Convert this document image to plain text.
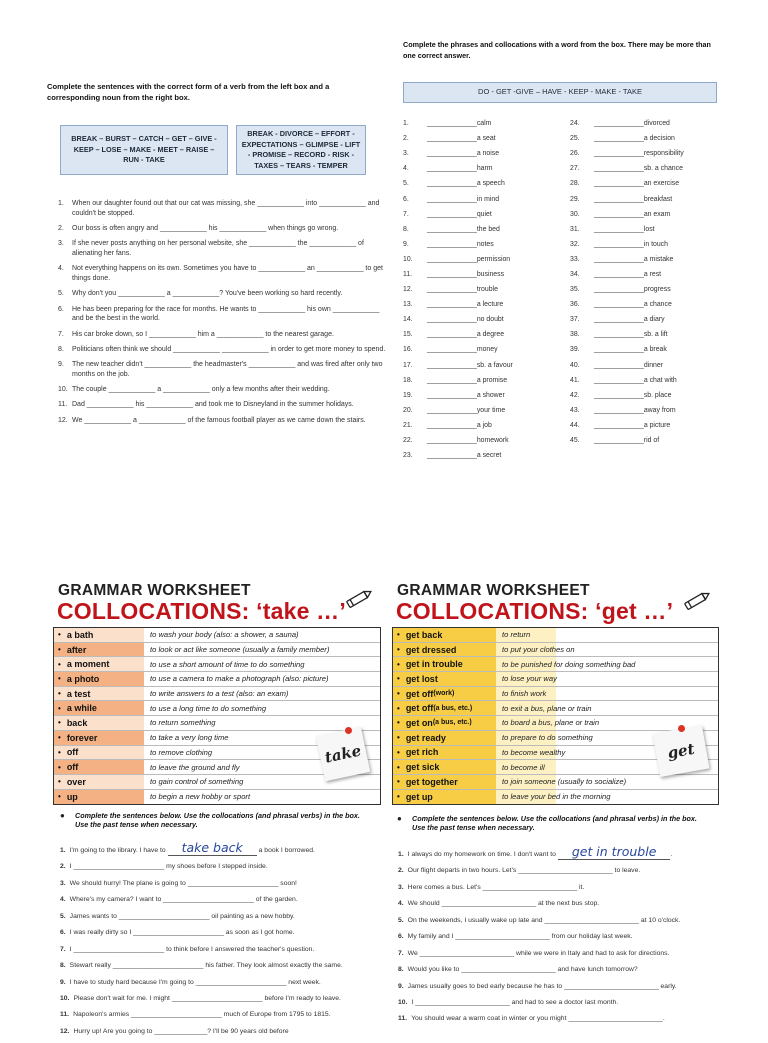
Complete the sentences with the correct form of a verb from the left box and a corresponding noun from the right box.
BREAK – BURST – CATCH – GET – GIVE - KEEP – LOSE – MAKE - MEET – RAISE – RUN - TAKE
BREAK - DIVORCE – EFFORT - EXPECTATIONS – GLIMPSE - LIFT - PROMISE – RECORD - RISK - TAXES – TEARS - TEMPER
1. When our daughter found out that our cat was missing, she ____________ into ____________ and couldn't be stopped.
2. Our boss is often angry and ____________ his ____________ when things go wrong.
3. If she never posts anything on her personal website, she ____________ the ____________ of alienating her fans.
4. Not everything happens on its own. Sometimes you have to ____________ an ____________ to get things done.
5. Why don't you ____________ a ____________? You've been working so hard recently.
6. He has been preparing for the race for months. He wants to ____________ his own ____________ and be the best in the world.
7. His car broke down, so I ____________ him a ____________ to the nearest garage.
8. Politicians often think we should ____________ ____________ in order to get more money to spend.
9. The new teacher didn't ____________ the headmaster's ____________ and was fired after only two months on the job.
10. The couple ____________ a ____________ only a few months after their wedding.
11. Dad ____________ his ____________ and took me to Disneyland in the summer holidays.
12. We ____________ a ____________ of the famous football player as we came down the stairs.
Complete the phrases and collocations with a word from the box. There may be more than one correct answer.
DO - GET -GIVE – HAVE - KEEP - MAKE - TAKE
1.	_____________ calm
2.	_____________ a seat
3.	_____________ a noise
4.	_____________ harm
5.	_____________ a speech
6.	_____________ in mind
7.	_____________ quiet
8.	_____________ the bed
9.	_____________ notes
10.	_____________ permission
11.	_____________ business
12.	_____________ trouble
13.	_____________ a lecture
14.	_____________ no doubt
15.	_____________ a degree
16.	_____________ money
17.	_____________ sb. a favour
18.	_____________ a promise
19.	_____________ a shower
20.	_____________ your time
21.	_____________ a job
22.	_____________ homework
23.	_____________ a secret
24.	_____________ divorced
25.	_____________ a decision
26.	_____________ responsibility
27.	_____________ sb. a chance
28.	_____________ an exercise
29.	_____________ breakfast
30.	_____________ an exam
31.	_____________ lost
32.	_____________ in touch
33.	_____________ a mistake
34.	_____________ a rest
35.	_____________ progress
36.	_____________ a chance
37.	_____________ a diary
38.	_____________ sb. a lift
39.	_____________ a break
40.	_____________ dinner
41.	_____________ a chat with
42.	_____________ sb. place
43.	_____________ away from
44.	_____________ a picture
45.	_____________ rid of
GRAMMAR WORKSHEET
COLLOCATIONS: ‘take …’
• a bath	to wash your body (also: a shower, a sauna)
• after	to look or act like someone (usually a family member)
• a moment	to use a short amount of time to do something
• a photo	to use a camera to make a photograph (also: picture)
• a test	to write answers to a test (also: an exam)
• a while	to use a long time to do something
• back	to return something
• forever	to take a very long time
• off	to remove clothing
• off	to leave the ground and fly
• over	to gain control of something
• up	to begin a new hobby or sport
take
● Complete the sentences below. Use the collocations (and phrasal verbs) in the box. Use the past tense when necessary.
1. I'm going to the library. I have to take back a book I borrowed.
2. I ________________________ my shoes before I stepped inside.
3. We should hurry! The plane is going to ________________________ soon!
4. Where's my camera? I want to ________________________ of the garden.
5. James wants to ________________________ oil painting as a new hobby.
6. I was really dirty so I ________________________ as soon as I got home.
7. I ________________________ to think before I answered the teacher's question.
8. Stewart really ________________________ his father. They look almost exactly the same.
9. I have to study hard because I'm going to ________________________ next week.
10. Please don't wait for me. I might ________________________ before I'm ready to leave.
11. Napoleon's armies ________________________ much of Europe from 1795 to 1815.
12. Hurry up! Are you going to ______________? I'll be 90 years old before
GRAMMAR WORKSHEET
COLLOCATIONS: ‘get …’
• get back	to return
• get dressed	to put your clothes on
• get in trouble	to be punished for doing something bad
• get lost	to lose your way
• get off (work)	to finish work
• get off (a bus, etc.)	to exit a bus, plane or train
• get on (a bus, etc.)	to board a bus, plane or train
• get ready	to prepare to do something
• get rich	to become wealthy
• get sick	to become ill
• get together	to join someone (usually to socialize)
• get up	to leave your bed in the morning
get
● Complete the sentences below. Use the collocations (and phrasal verbs) in the box. Use the past tense when necessary.
1. I always do my homework on time. I don't want to get in trouble .
2. Our flight departs in two hours. Let's _________________________ to leave.
3. Here comes a bus. Let's _________________________ it.
4. We should _________________________ at the next bus stop.
5. On the weekends, I usually wake up late and _________________________ at 10 o'clock.
6. My family and I _________________________ from our holiday last week.
7. We _________________________ while we were in Italy and had to ask for directions.
8. Would you like to _________________________ and have lunch tomorrow?
9. James usually goes to bed early because he has to _________________________ early.
10. I _________________________ and had to see a doctor last month.
11. You should wear a warm coat in winter or you might _________________________.
